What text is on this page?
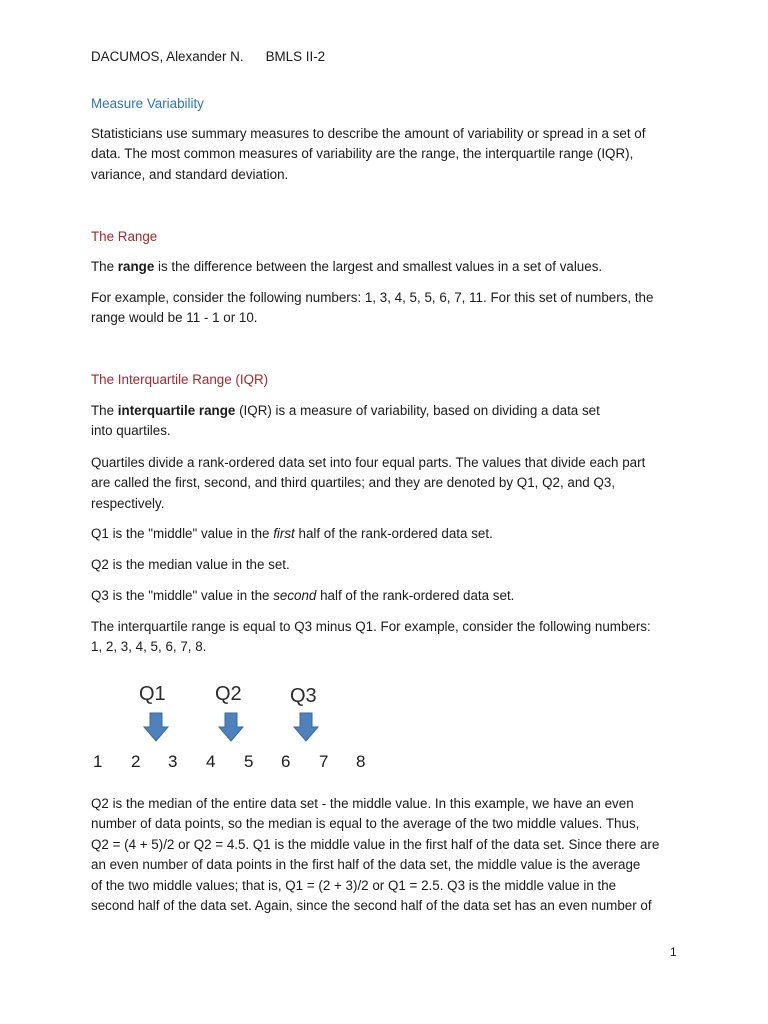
DACUMOS, Alexander N. BMLS II-2
Measure Variability
Statisticians use summary measures to describe the amount of variability or spread in a set of
data. The most common measures of variability are the range, the interquartile range (IQR),
variance, and standard deviation.
The Range
The range is the difference between the largest and smallest values in a set of values.
For example, consider the following numbers: 1, 3, 4, 5, 5, 6, 7, 11. For this set of numbers, the
range would be 11 - 1 or 10.
The Interquartile Range (IQR)
The interquartile range (IQR) is a measure of variability, based on dividing a data set
into quartiles.
Quartiles divide a rank-ordered data set into four equal parts. The values that divide each part
are called the first, second, and third quartiles; and they are denoted by Q1, Q2, and Q3,
respectively.
Q1 is the "middle" value in the first half of the rank-ordered data set.
Q2 is the median value in the set.
Q3 is the "middle" value in the second half of the rank-ordered data set.
The interquartile range is equal to Q3 minus Q1. For example, consider the following numbers:
1, 2, 3, 4, 5, 6, 7, 8.
Q1 Q2 Q3
1 2 3 4 5 6 7 8
Q2 is the median of the entire data set - the middle value. In this example, we have an even
number of data points, so the median is equal to the average of the two middle values. Thus,
Q2 = (4 + 5)/2 or Q2 = 4.5. Q1 is the middle value in the first half of the data set. Since there are
an even number of data points in the first half of the data set, the middle value is the average
of the two middle values; that is, Q1 = (2 + 3)/2 or Q1 = 2.5. Q3 is the middle value in the
second half of the data set. Again, since the second half of the data set has an even number of
1
